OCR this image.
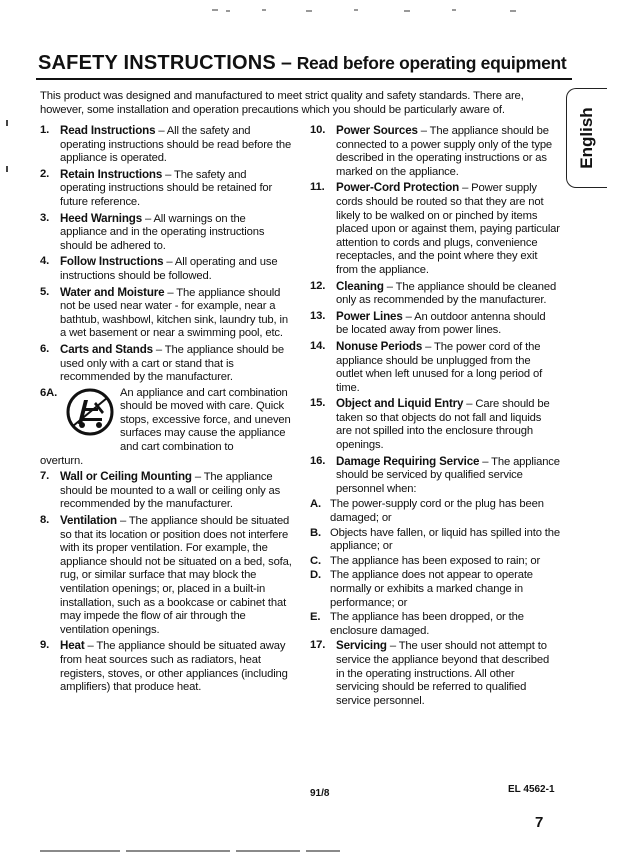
SAFETY INSTRUCTIONS – Read before operating equipment
This product was designed and manufactured to meet strict quality and safety standards. There are, however, some installation and operation precautions which you should be particularly aware of.	English
1. Read Instructions – All the safety and operating instructions should be read before the appliance is operated.
2. Retain Instructions – The safety and operating instructions should be retained for future reference.
3. Heed Warnings – All warnings on the appliance and in the operating instructions should be adhered to.
4. Follow Instructions – All operating and use instructions should be followed.
5. Water and Moisture – The appliance should not be used near water - for example, near a bathtub, washbowl, kitchen sink, laundry tub, in a wet basement or near a swimming pool, etc.
6. Carts and Stands – The appliance should be used only with a cart or stand that is recommended by the manufacturer.
6A.	An appliance and cart combination should be moved with care. Quick stops, excessive force, and uneven surfaces may cause the appliance and cart combination to
overturn.
7. Wall or Ceiling Mounting – The appliance should be mounted to a wall or ceiling only as recommended by the manufacturer.
8. Ventilation – The appliance should be situated so that its location or position does not interfere with its proper ventilation. For example, the appliance should not be situated on a bed, sofa, rug, or similar surface that may block the ventilation openings; or, placed in a built-in installation, such as a bookcase or cabinet that may impede the flow of air through the ventilation openings.
9. Heat – The appliance should be situated away from heat sources such as radiators, heat registers, stoves, or other appliances (including amplifiers) that produce heat.
10. Power Sources – The appliance should be connected to a power supply only of the type described in the operating instructions or as marked on the appliance.
11. Power-Cord Protection – Power supply cords should be routed so that they are not likely to be walked on or pinched by items placed upon or against them, paying particular attention to cords and plugs, convenience receptacles, and the point where they exit from the appliance.
12. Cleaning – The appliance should be cleaned only as recommended by the manufacturer.
13. Power Lines – An outdoor antenna should be located away from power lines.
14. Nonuse Periods – The power cord of the appliance should be unplugged from the outlet when left unused for a long period of time.
15. Object and Liquid Entry – Care should be taken so that objects do not fall and liquids are not spilled into the enclosure through openings.
16. Damage Requiring Service – The appliance should be serviced by qualified service personnel when:
A. The power-supply cord or the plug has been damaged; or
B. Objects have fallen, or liquid has spilled into the appliance; or
C. The appliance has been exposed to rain; or
D. The appliance does not appear to operate normally or exhibits a marked change in performance; or
E. The appliance has been dropped, or the enclosure damaged.
17. Servicing – The user should not attempt to service the appliance beyond that described in the operating instructions. All other servicing should be referred to qualified service personnel.
91/8	EL 4562-1
7
